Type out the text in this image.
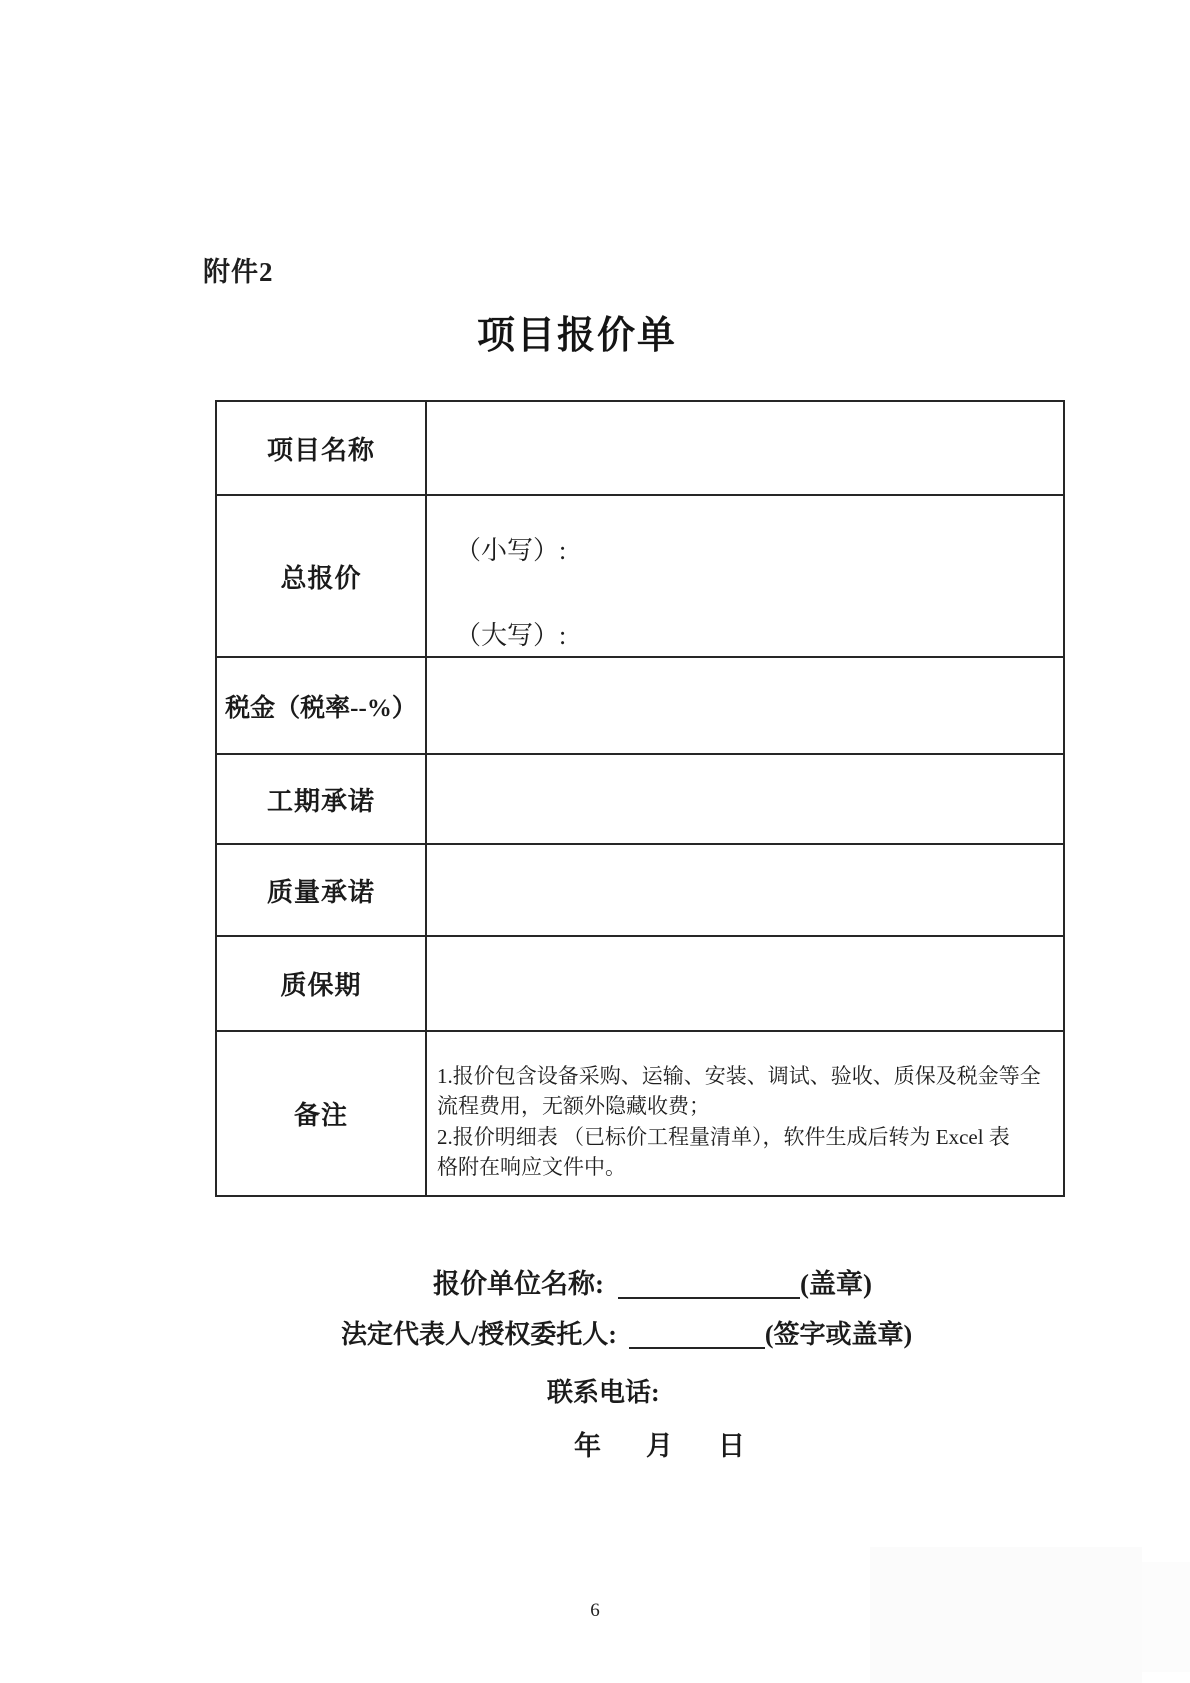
附件2
项目报价单
项目名称	
总报价	（小写）:
（大写）:

税金（税率--%）	
工期承诺	
质量承诺	
质保期	
备注	1.报价包含设备采购、运输、安装、调试、验收、质保及税金等全
流程费用，无额外隐藏收费；
2.报价明细表 （已标价工程量清单），软件生成后转为 Excel 表
格附在响应文件中。
报价单位名称:	(盖章)
法定代表人/授权委托人:	(签字或盖章)
联系电话:
年 月 日
6
